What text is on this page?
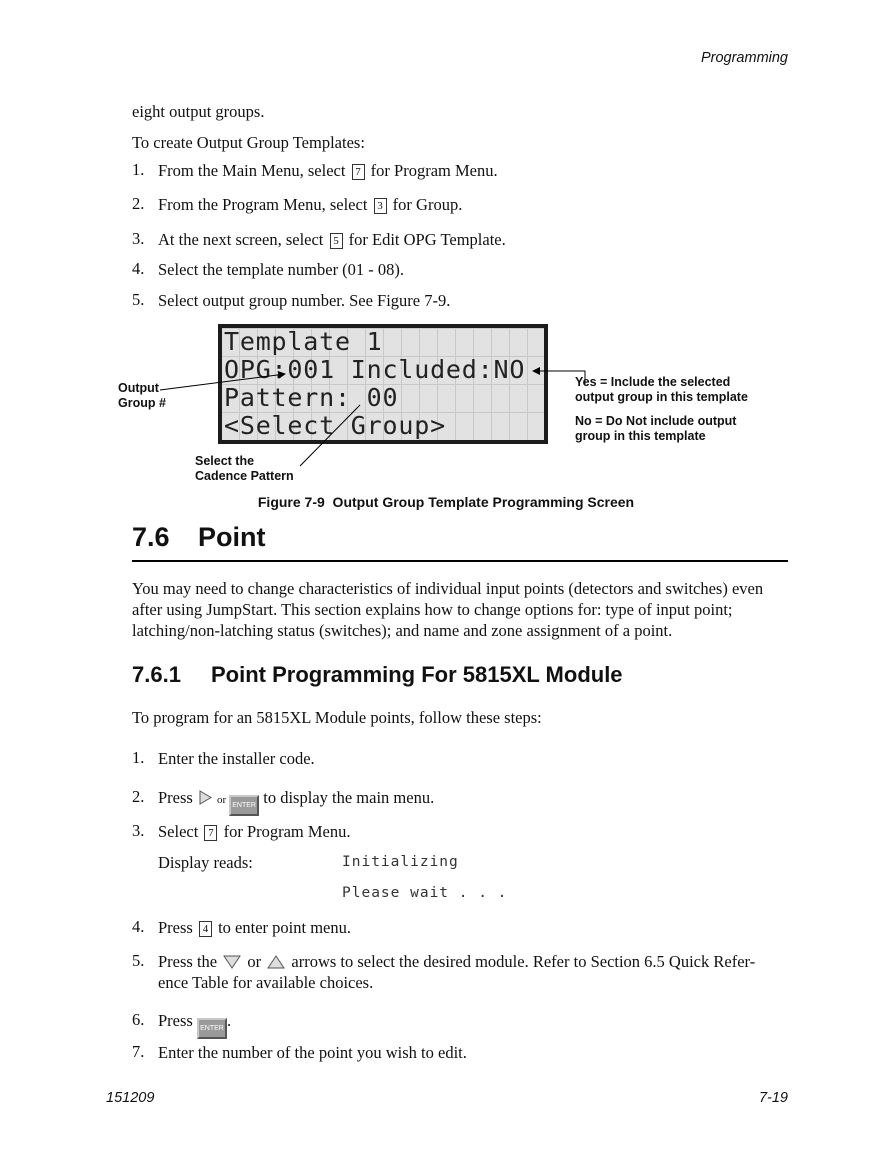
Programming
eight output groups.
To create Output Group Templates:
1. From the Main Menu, select 7 for Program Menu.
2. From the Program Menu, select 3 for Group.
3. At the next screen, select 5 for Edit OPG Template.
4. Select the template number (01 - 08).
5. Select output group number. See Figure 7-9.
Template 1
OPG:001 Included:NO
Pattern: 00
<Select Group>
Output
Group #
Select the
Cadence Pattern
Yes = Include the selected
output group in this template
No = Do Not include output
group in this template
Figure 7-9  Output Group Template Programming Screen
7.6 Point
You may need to change characteristics of individual input points (detectors and switches) even after using JumpStart. This section explains how to change options for: type of input point; latching/non-latching status (switches); and name and zone assignment of a point.
7.6.1 Point Programming For 5815XL Module
To program for an 5815XL Module points, follow these steps:
1. Enter the installer code.
2. Press or ENTER to display the main menu.
3. Select 7 for Program Menu.
Display reads:	Initializing
Please wait . . .
4. Press 4 to enter point menu.
5. Press the  or  arrows to select the desired module. Refer to Section 6.5 Quick Refer-
ence Table for available choices.
6. Press ENTER .
7. Enter the number of the point you wish to edit.
151209	7-19
